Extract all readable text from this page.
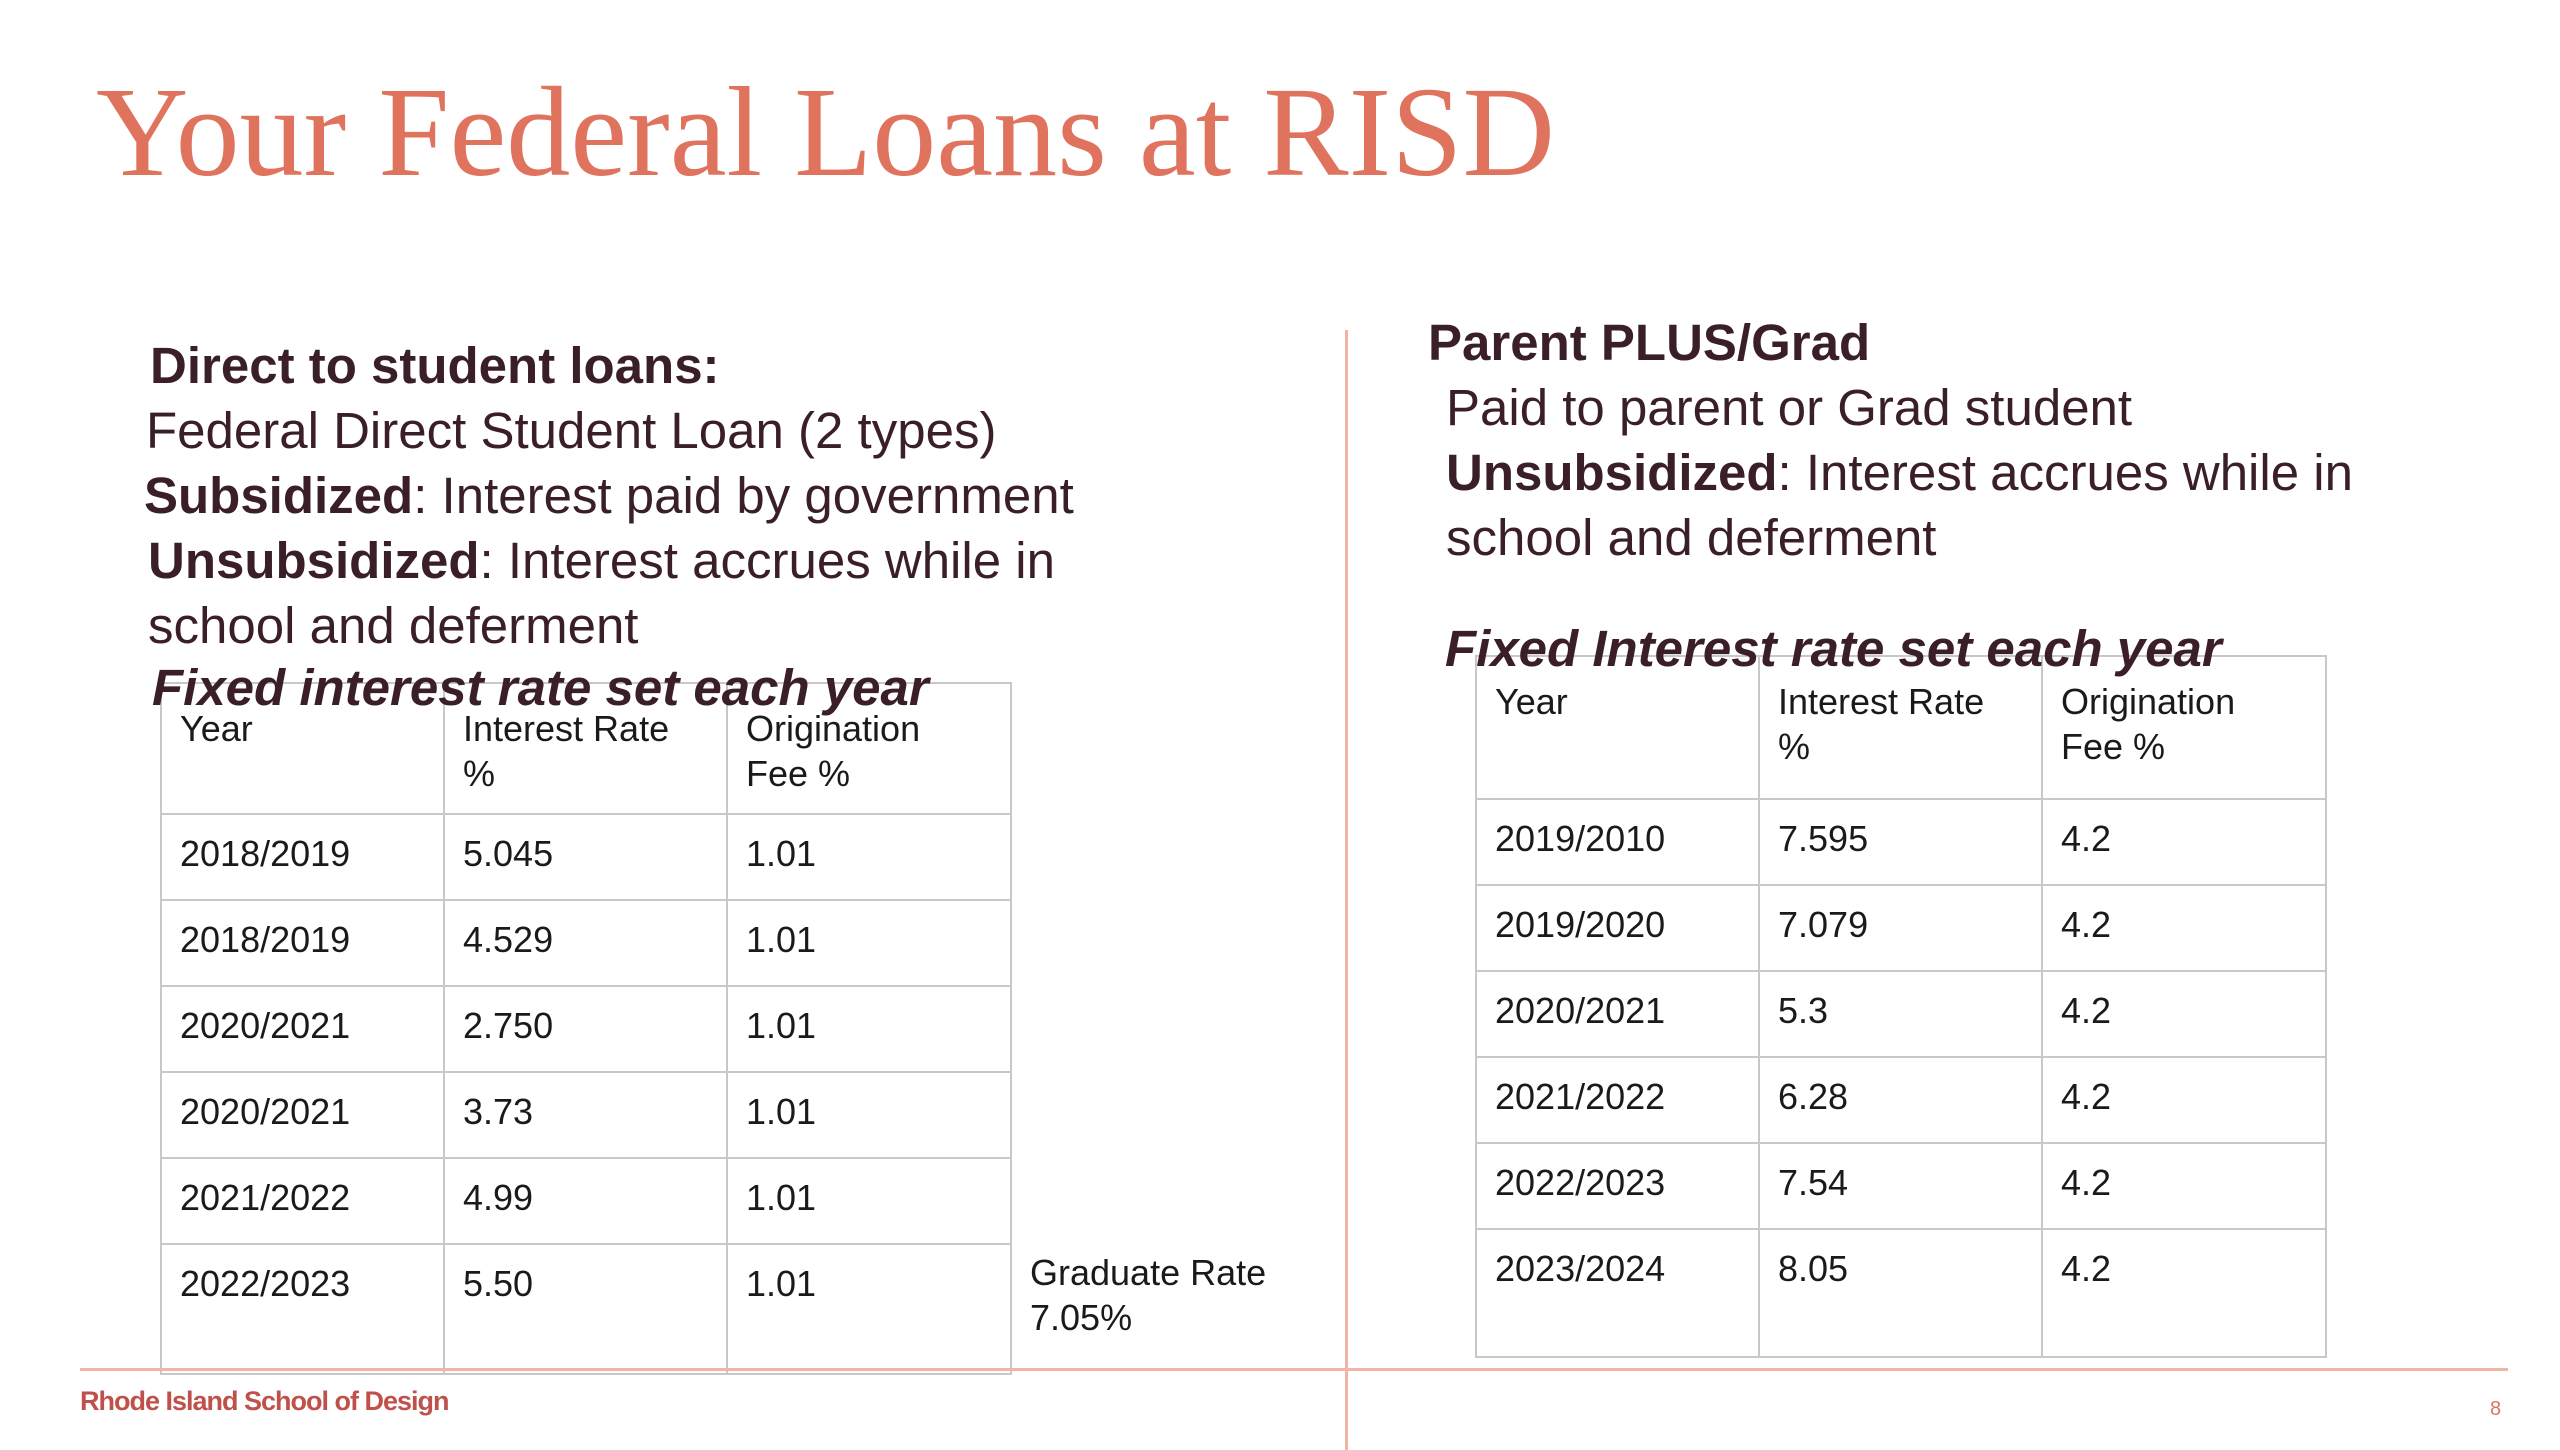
Your Federal Loans at RISD
Direct to student loans:
Federal Direct Student Loan (2 types)
Subsidized: Interest paid by government
Unsubsidized: Interest accrues while in
school and deferment
Fixed interest rate set each year
Year	Interest Rate %	Origination Fee %
2018/2019	5.045	1.01
2018/2019	4.529	1.01
2020/2021	2.750	1.01
2020/2021	3.73	1.01
2021/2022	4.99	1.01
2022/2023	5.50	1.01	Graduate Rate
7.05%
Parent PLUS/Grad
Paid to parent or Grad student
Unsubsidized: Interest accrues while in
school and deferment
Fixed Interest rate set each year
Year	Interest Rate %	Origination Fee %
2019/2010	7.595	4.2
2019/2020	7.079	4.2
2020/2021	5.3	4.2
2021/2022	6.28	4.2
2022/2023	7.54	4.2
2023/2024	8.05	4.2
Rhode Island School of Design	8
